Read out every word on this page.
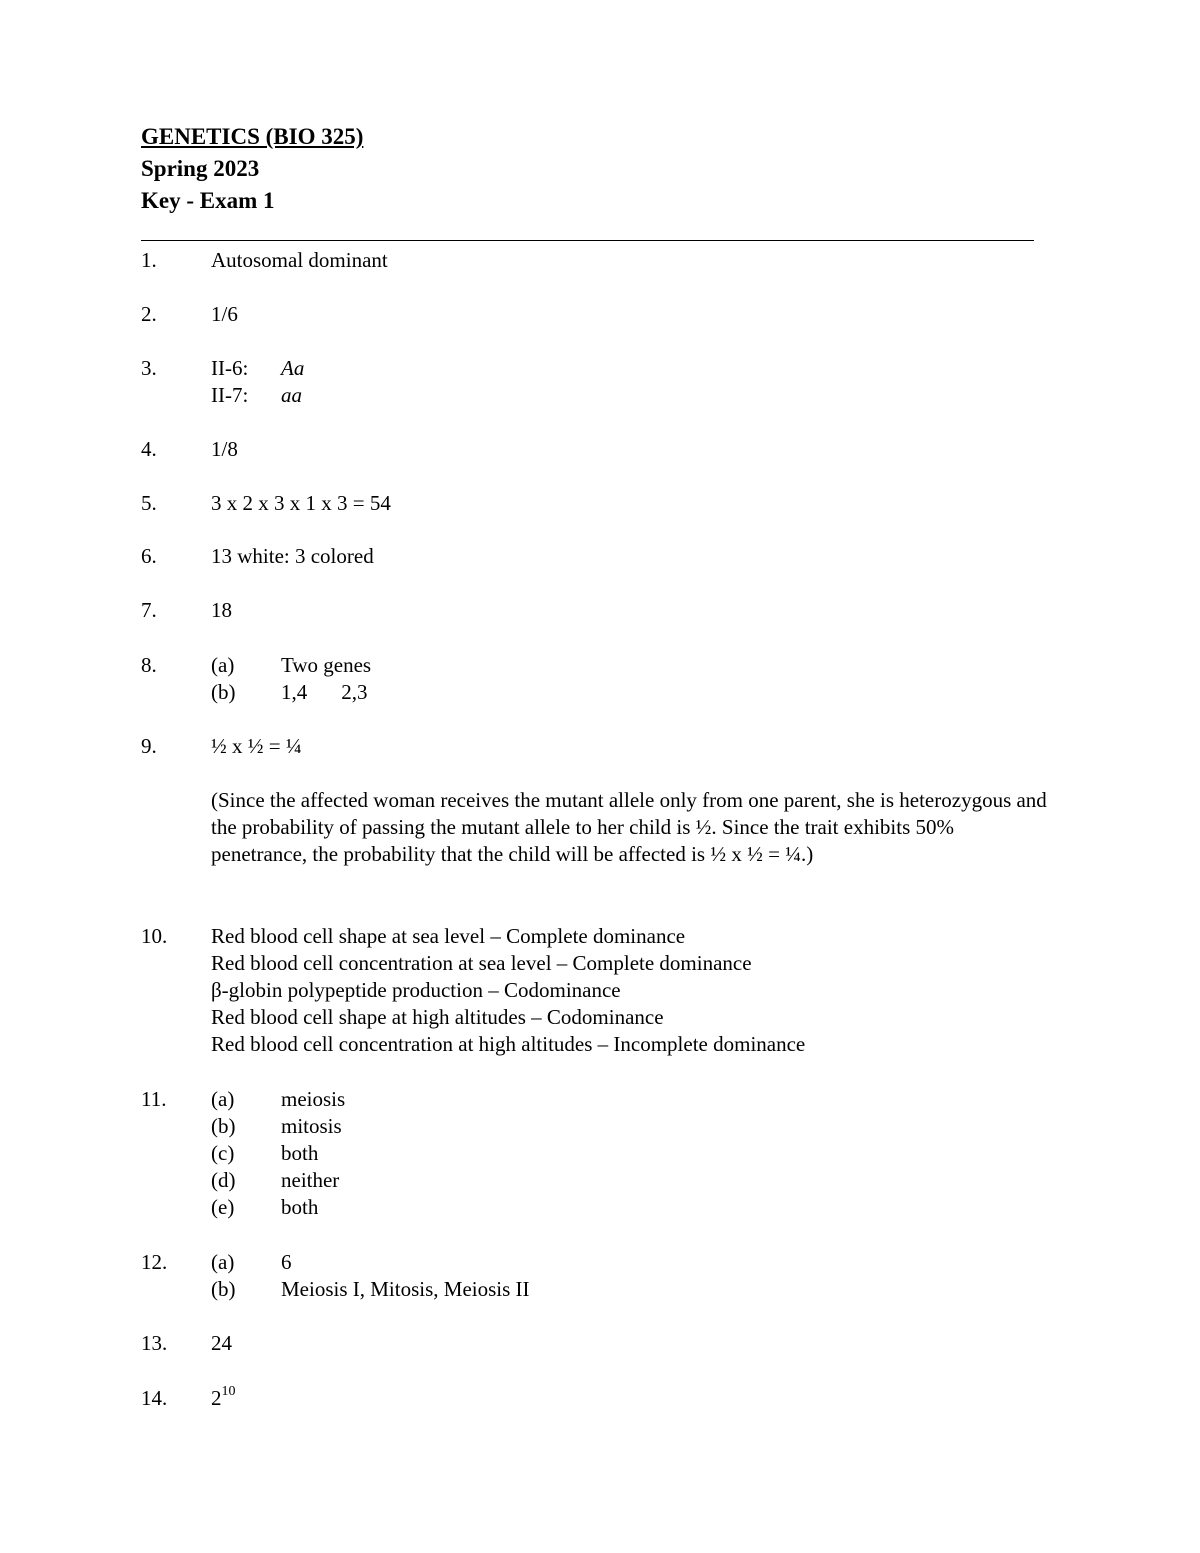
GENETICS (BIO 325)
Spring 2023
Key - Exam 1
1.	Autosomal dominant
2.	1/6
3.	II-6: Aa
II-7: aa
4.	1/8
5.	3 x 2 x 3 x 1 x 3 = 54
6.	13 white: 3 colored
7.	18
8.	(a) Two genes
(b) 1,4 2,3
9.	½ x ½ = ¼
(Since the affected woman receives the mutant allele only from one parent, she is heterozygous and the probability of passing the mutant allele to her child is ½. Since the trait exhibits 50% penetrance, the probability that the child will be affected is ½ x ½ = ¼.)
10. Red blood cell shape at sea level – Complete dominance
Red blood cell concentration at sea level – Complete dominance
β-globin polypeptide production – Codominance
Red blood cell shape at high altitudes – Codominance
Red blood cell concentration at high altitudes – Incomplete dominance
11. (a) meiosis
(b) mitosis
(c) both
(d) neither
(e) both
12. (a) 6
(b) Meiosis I, Mitosis, Meiosis II
13. 24
14. $2^{10}$
